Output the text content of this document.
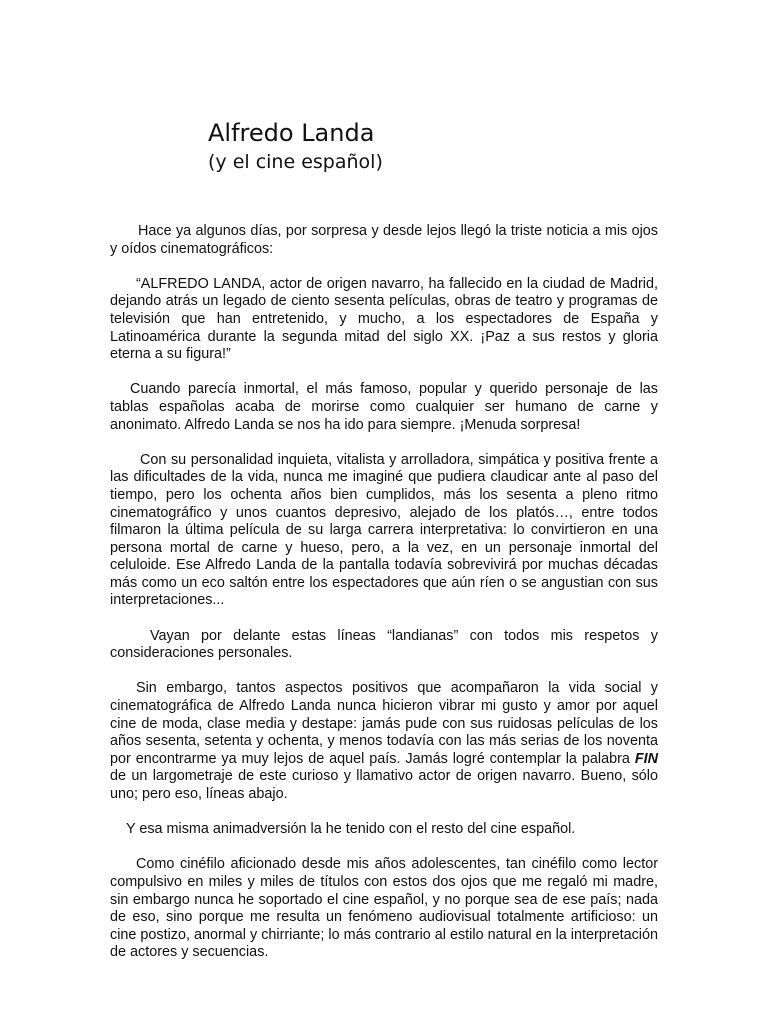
Alfredo Landa
(y el cine español)

Hace ya algunos días, por sorpresa y desde lejos llegó la triste noticia a mis ojos y oídos cinematográficos:

“ALFREDO LANDA, actor de origen navarro, ha fallecido en la ciudad de Madrid, dejando atrás un legado de ciento sesenta películas, obras de teatro y programas de televisión que han entretenido, y mucho, a los espectadores de España y Latinoamérica durante la segunda mitad del siglo XX. ¡Paz a sus restos y gloria eterna a su figura!”

Cuando parecía inmortal, el más famoso, popular y querido personaje de las tablas españolas acaba de morirse como cualquier ser humano de carne y anonimato. Alfredo Landa se nos ha ido para siempre. ¡Menuda sorpresa!

Con su personalidad inquieta, vitalista y arrolladora, simpática y positiva frente a las dificultades de la vida, nunca me imaginé que pudiera claudicar ante al paso del tiempo, pero los ochenta años bien cumplidos, más los sesenta a pleno ritmo cinematográfico y unos cuantos depresivo, alejado de los platós…, entre todos filmaron la última película de su larga carrera interpretativa: lo convirtieron en una persona mortal de carne y hueso, pero, a la vez, en un personaje inmortal del celuloide. Ese Alfredo Landa de la pantalla todavía sobrevivirá por muchas décadas más como un eco saltón entre los espectadores que aún ríen o se angustian con sus interpretaciones...

Vayan por delante estas líneas “landianas” con todos mis respetos y consideraciones personales.

Sin embargo, tantos aspectos positivos que acompañaron la vida social y cinematográfica de Alfredo Landa nunca hicieron vibrar mi gusto y amor por aquel cine de moda, clase media y destape: jamás pude con sus ruidosas películas de los años sesenta, setenta y ochenta, y menos todavía con las más serias de los noventa por encontrarme ya muy lejos de aquel país. Jamás logré contemplar la palabra FIN de un largometraje de este curioso y llamativo actor de origen navarro. Bueno, sólo uno; pero eso, líneas abajo.

Y esa misma animadversión la he tenido con el resto del cine español.

Como cinéfilo aficionado desde mis años adolescentes, tan cinéfilo como lector compulsivo en miles y miles de títulos con estos dos ojos que me regaló mi madre, sin embargo nunca he soportado el cine español, y no porque sea de ese país; nada de eso, sino porque me resulta un fenómeno audiovisual totalmente artificioso: un cine postizo, anormal y chirriante; lo más contrario al estilo natural en la interpretación de actores y secuencias.
